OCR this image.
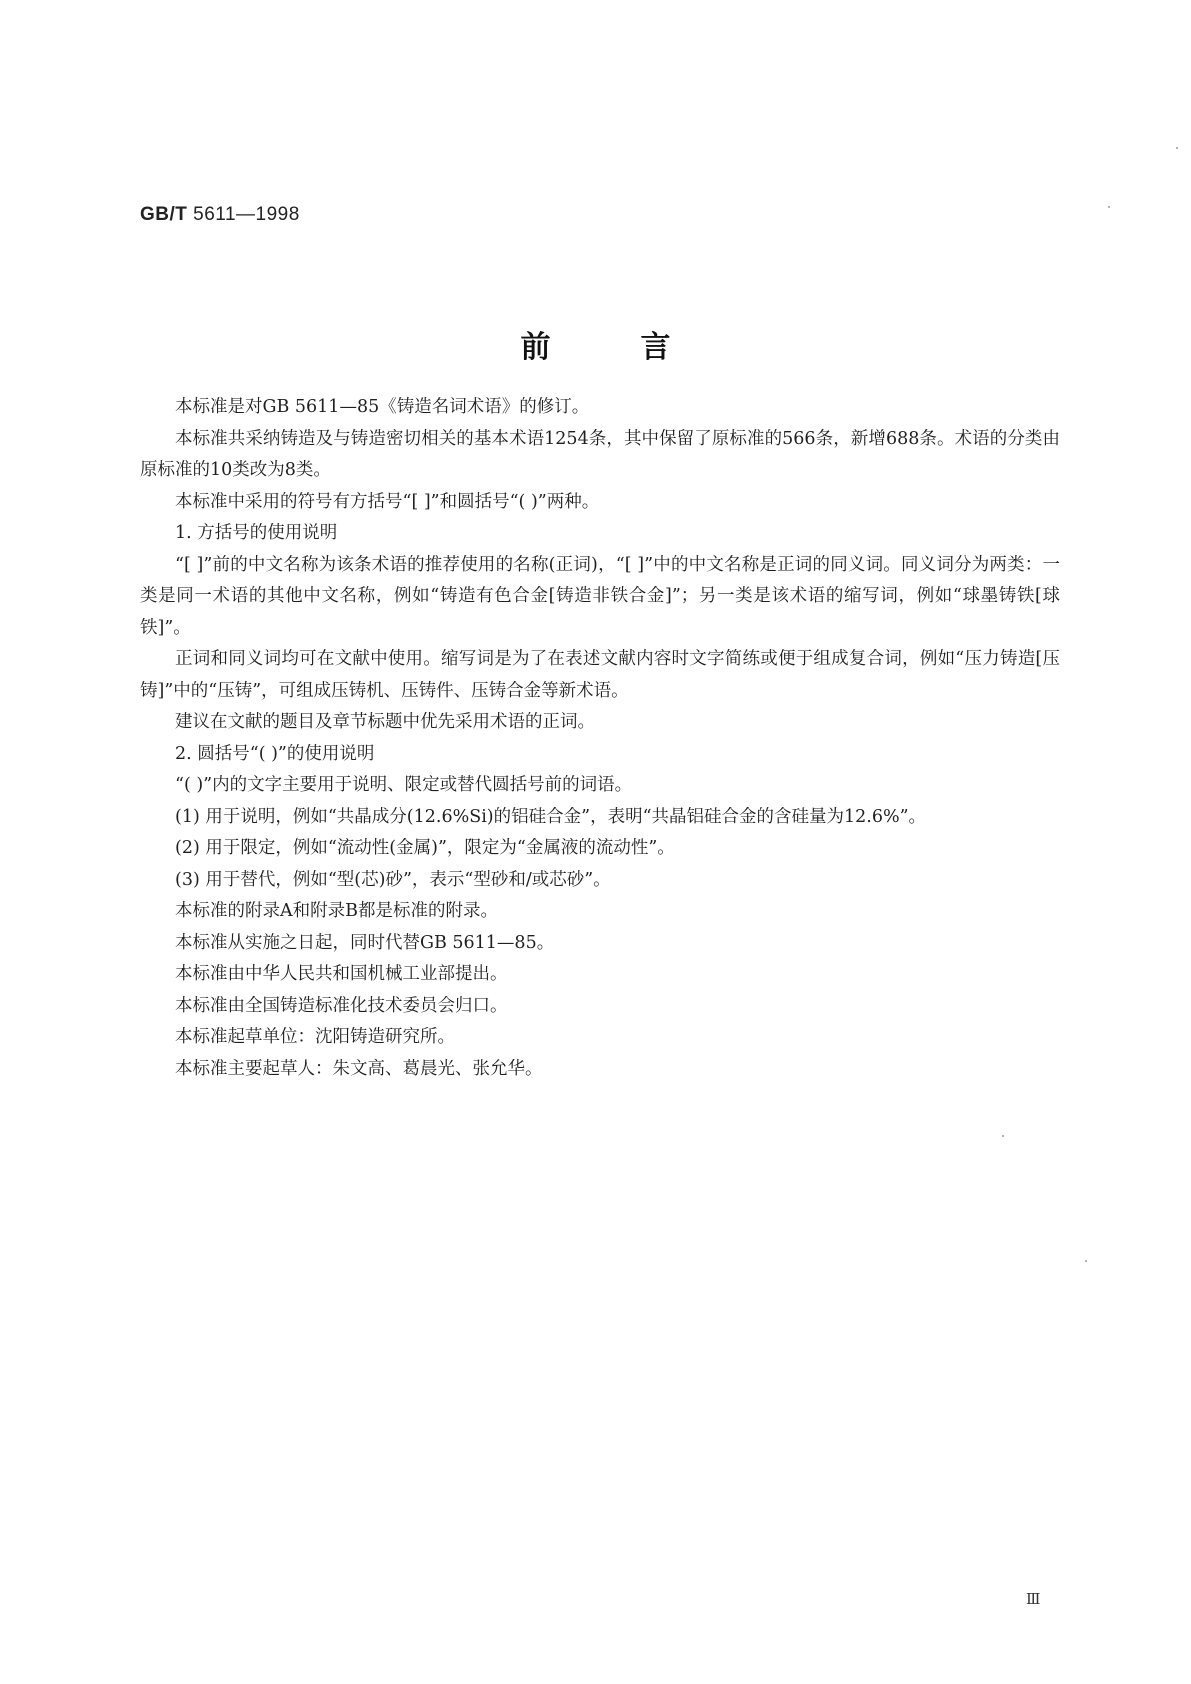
GB/T 5611—1998
前言

本标准是对GB 5611—85《铸造名词术语》的修订。

本标准共采纳铸造及与铸造密切相关的基本术语1254条，其中保留了原标准的566条，新增688条。术语的分类由原标准的10类改为8类。

本标准中采用的符号有方括号“[ ]”和圆括号“( )”两种。

1. 方括号的使用说明

“[ ]”前的中文名称为该条术语的推荐使用的名称(正词)，“[ ]”中的中文名称是正词的同义词。同义词分为两类：一类是同一术语的其他中文名称，例如“铸造有色合金[铸造非铁合金]”；另一类是该术语的缩写词，例如“球墨铸铁[球铁]”。

正词和同义词均可在文献中使用。缩写词是为了在表述文献内容时文字简练或便于组成复合词，例如“压力铸造[压铸]”中的“压铸”，可组成压铸机、压铸件、压铸合金等新术语。

建议在文献的题目及章节标题中优先采用术语的正词。

2. 圆括号“( )”的使用说明

“( )”内的文字主要用于说明、限定或替代圆括号前的词语。

(1) 用于说明，例如“共晶成分(12.6%Si)的铝硅合金”，表明“共晶铝硅合金的含硅量为12.6%”。

(2) 用于限定，例如“流动性(金属)”，限定为“金属液的流动性”。

(3) 用于替代，例如“型(芯)砂”，表示“型砂和/或芯砂”。

本标准的附录A和附录B都是标准的附录。

本标准从实施之日起，同时代替GB 5611—85。

本标准由中华人民共和国机械工业部提出。

本标准由全国铸造标准化技术委员会归口。

本标准起草单位：沈阳铸造研究所。

本标准主要起草人：朱文高、葛晨光、张允华。

Ⅲ
